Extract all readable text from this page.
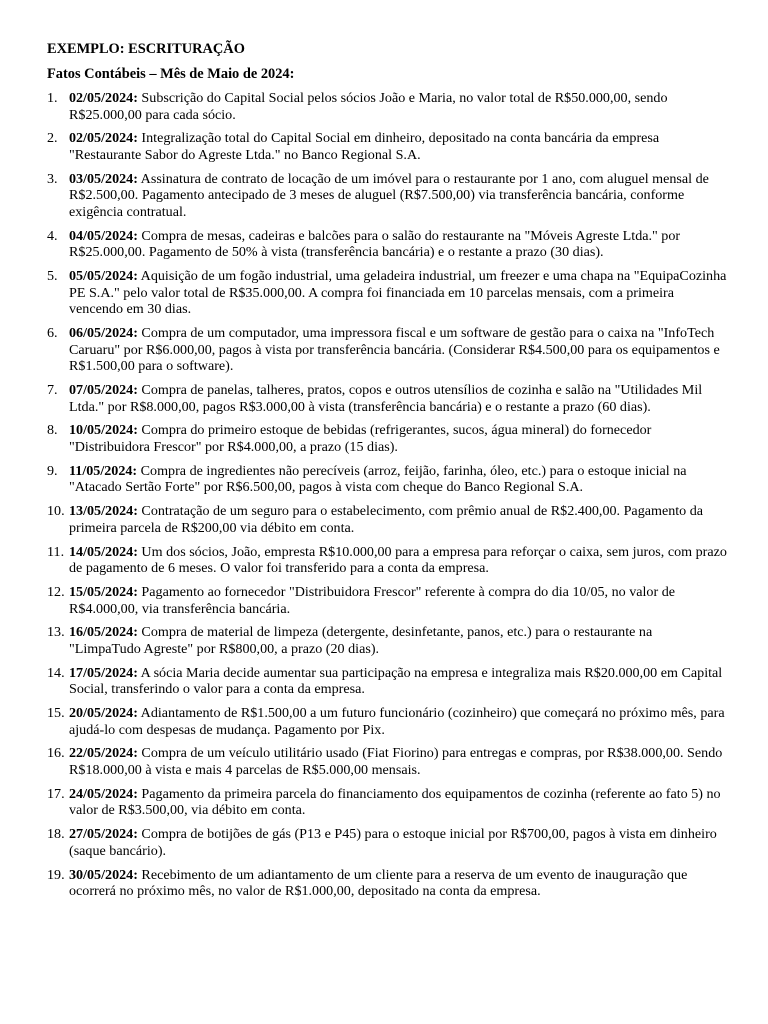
EXEMPLO: ESCRITURAÇÃO
Fatos Contábeis – Mês de Maio de 2024:
1. 02/05/2024: Subscrição do Capital Social pelos sócios João e Maria, no valor total de R$50.000,00, sendo R$25.000,00 para cada sócio.
2. 02/05/2024: Integralização total do Capital Social em dinheiro, depositado na conta bancária da empresa "Restaurante Sabor do Agreste Ltda." no Banco Regional S.A.
3. 03/05/2024: Assinatura de contrato de locação de um imóvel para o restaurante por 1 ano, com aluguel mensal de R$2.500,00. Pagamento antecipado de 3 meses de aluguel (R$7.500,00) via transferência bancária, conforme exigência contratual.
4. 04/05/2024: Compra de mesas, cadeiras e balcões para o salão do restaurante na "Móveis Agreste Ltda." por R$25.000,00. Pagamento de 50% à vista (transferência bancária) e o restante a prazo (30 dias).
5. 05/05/2024: Aquisição de um fogão industrial, uma geladeira industrial, um freezer e uma chapa na "EquipaCozinha PE S.A." pelo valor total de R$35.000,00. A compra foi financiada em 10 parcelas mensais, com a primeira vencendo em 30 dias.
6. 06/05/2024: Compra de um computador, uma impressora fiscal e um software de gestão para o caixa na "InfoTech Caruaru" por R$6.000,00, pagos à vista por transferência bancária. (Considerar R$4.500,00 para os equipamentos e R$1.500,00 para o software).
7. 07/05/2024: Compra de panelas, talheres, pratos, copos e outros utensílios de cozinha e salão na "Utilidades Mil Ltda." por R$8.000,00, pagos R$3.000,00 à vista (transferência bancária) e o restante a prazo (60 dias).
8. 10/05/2024: Compra do primeiro estoque de bebidas (refrigerantes, sucos, água mineral) do fornecedor "Distribuidora Frescor" por R$4.000,00, a prazo (15 dias).
9. 11/05/2024: Compra de ingredientes não perecíveis (arroz, feijão, farinha, óleo, etc.) para o estoque inicial na "Atacado Sertão Forte" por R$6.500,00, pagos à vista com cheque do Banco Regional S.A.
10. 13/05/2024: Contratação de um seguro para o estabelecimento, com prêmio anual de R$2.400,00. Pagamento da primeira parcela de R$200,00 via débito em conta.
11. 14/05/2024: Um dos sócios, João, empresta R$10.000,00 para a empresa para reforçar o caixa, sem juros, com prazo de pagamento de 6 meses. O valor foi transferido para a conta da empresa.
12. 15/05/2024: Pagamento ao fornecedor "Distribuidora Frescor" referente à compra do dia 10/05, no valor de R$4.000,00, via transferência bancária.
13. 16/05/2024: Compra de material de limpeza (detergente, desinfetante, panos, etc.) para o restaurante na "LimpaTudo Agreste" por R$800,00, a prazo (20 dias).
14. 17/05/2024: A sócia Maria decide aumentar sua participação na empresa e integraliza mais R$20.000,00 em Capital Social, transferindo o valor para a conta da empresa.
15. 20/05/2024: Adiantamento de R$1.500,00 a um futuro funcionário (cozinheiro) que começará no próximo mês, para ajudá-lo com despesas de mudança. Pagamento por Pix.
16. 22/05/2024: Compra de um veículo utilitário usado (Fiat Fiorino) para entregas e compras, por R$38.000,00. Sendo R$18.000,00 à vista e mais 4 parcelas de R$5.000,00 mensais.
17. 24/05/2024: Pagamento da primeira parcela do financiamento dos equipamentos de cozinha (referente ao fato 5) no valor de R$3.500,00, via débito em conta.
18. 27/05/2024: Compra de botijões de gás (P13 e P45) para o estoque inicial por R$700,00, pagos à vista em dinheiro (saque bancário).
19. 30/05/2024: Recebimento de um adiantamento de um cliente para a reserva de um evento de inauguração que ocorrerá no próximo mês, no valor de R$1.000,00, depositado na conta da empresa.
